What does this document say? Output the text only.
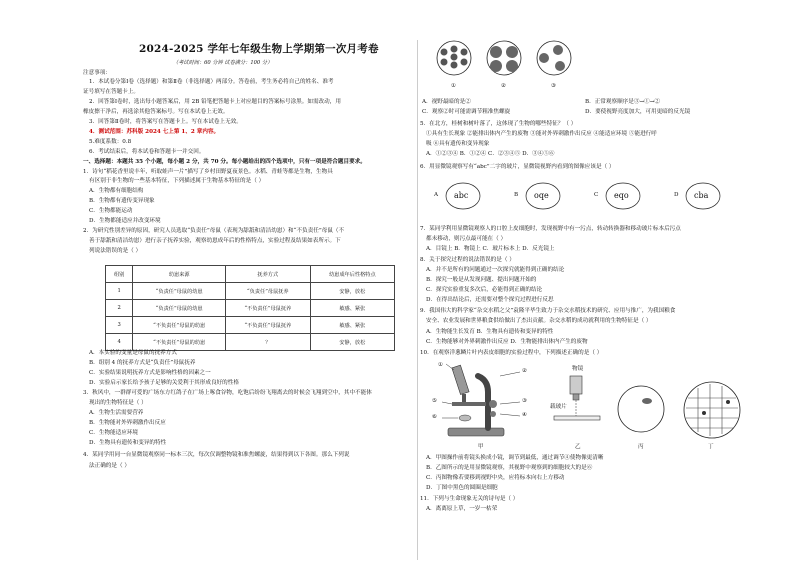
2024-2025 学年七年级生物上学期第一次月考卷
（考试时间：60 分钟 试卷满分：100 分）
注意事项：
1．本试卷分第Ⅰ卷（选择题）和第Ⅱ卷（非选择题）两部分。答卷前，考生务必将自己的姓名、准考
证号填写在答题卡上。
2．回答第Ⅰ卷时，选出每小题答案后，用 2B 铅笔把答题卡上对应题目的答案标号涂黑。如需改动，用
橡皮擦干净后，再选涂其他答案标号。写在本试卷上无效。
3．回答第Ⅱ卷时，将答案写在答题卡上。写在本试卷上无效。
4．测试范围：苏科版 2024 七上第 1、2 章内容。
5.难度系数：0.8
6．考试结束后，将本试卷和答题卡一并交回。
一、选择题：本题共 35 个小题，每小题 2 分，共 70 分。每小题给出的四个选项中，只有一项是符合题目要求。
1．诗句“稻花香里说丰年，听取蛙声一片”描写了乡村田野夏夜景色。水稻、青蛙等都是生物，生物具
有区别于非生物的一些基本特征，下列描述属于生物基本特征的是（ ）
A．生物都有细胞结构
B．生物都有遗传变异现象
C．生物都能运动
D．生物都能适应并改变环境
2．为研究性别差异的原因，研究人员选取“负责任”母鼠（表现为舔舐和清洁幼崽）和“不负责任”母鼠（不
善于舔舐和清洁幼崽）进行亲子抚养实验，观察幼崽成年后的性格特点，实验过程及结果如表所示。下
列说法错误的是（ ）
组别	幼崽来源	抚养方式	幼崽成年后性格特点
1	“负责任”母鼠的幼崽	“负责任”母鼠抚养	安静，放松
2	“负责任”母鼠的幼崽	“不负责任”母鼠抚养	敏感、紧张
3	“不负责任”母鼠的幼崽	“不负责任”母鼠抚养	敏感、紧张
4	“不负责任”母鼠的幼崽	？	安静，放松
A．本实验的变量是母鼠的抚养方式
B．组别 4 的抚养方式是“负责任”母鼠抚养
C．实验结果说明抚养方式是影响性格的因素之一
D．实验启示家长给予孩子足够的关爱利于其形成良好的性格
3．秋风中，一群群可爱的广场东方红鸽子在广场上啄食谷物，吃饱后纷纷飞翔离去的时候会飞翔到空中，其中不能体
现出的生物特征是（ ）
A．生物生活需要营养
B．生物能对外界刺激作出反应
C．生物能适应环境
D．生物具有遗传和变异的特性
4．某同学用同一台显微镜观察同一标本三次，每次仅调整物镜和准焦螺旋，结果得到以下各图。那么下列说
法正确的是（ ）
①	②	③
A．视野最暗的是②	B．正常观察顺序是③→①→②
C．观察②时可能需调节粗准焦螺旋	D．要使视野亮度加大，可用更暗的反光镜
5．在北方，桂树和树叶落了，这体现了生物的哪些特征？（ ）
①具有生长现象 ②能排出体内产生的废物 ③能对外界刺激作出反应 ④能适应环境 ⑤能进行呼
吸 ⑥具有遗传和变异现象
A．①②③④ B．①②④ C．②③④⑤ D．③④⑤⑥
6．用显微镜观察写有“abc”二字的玻片，显微镜视野内看到的图像应该是（ ）
A abc	B oqe	C eqo	D cba
7．某同学利用显微镜观察人的口腔上皮细胞时，发现视野中有一污点，转动转换器和移动玻片标本后污点
都未移动，则污点最可能在（ ）
A．目镜上 B．物镜上 C．玻片标本上 D．反光镜上
8．关于探究过程的说法错误的是（ ）
A．并不是所有的问题通过一次探究就能得到正确的结论
B．探究一般是从发现问题、提出问题开始的
C．探究实验重复多次后，必能得到正确的结论
D．在得出结论后，还需要对整个探究过程进行反思
9．我国伟大的科学家“杂交水稻之父”袁隆平毕生致力于杂交水稻技术的研究、应用与推广，为我国粮食
安全、农业发展和世界粮食供给做出了杰出贡献。杂交水稻的成功就利用的生物特征是（ ）
A．生物能生长发育 B．生物具有遗传和变异的特性
C．生物能够对外界刺激作出反应 D．生物能排出体内产生的废物
10．在观察洋葱鳞片叶内表皮细胞的实验过程中，下列描述正确的是（ ）
①
②
③
④
⑤
⑥
甲
物镜
载玻片
乙	丙	丁
A．甲图操作前将镜头换成小镜，调节到最低，通过调节④使物像更清晰
B．乙图所示的是用显微镜观察，其视野中观察到的细胞较大的是⑥
C．丙图物像若要移到视野中央，应将标本向右上方移动
D．丁图中黑色的圆圈是细胞
11．下列与生命现象无关的诗句是（ ）
A．离离原上草，一岁一枯荣
